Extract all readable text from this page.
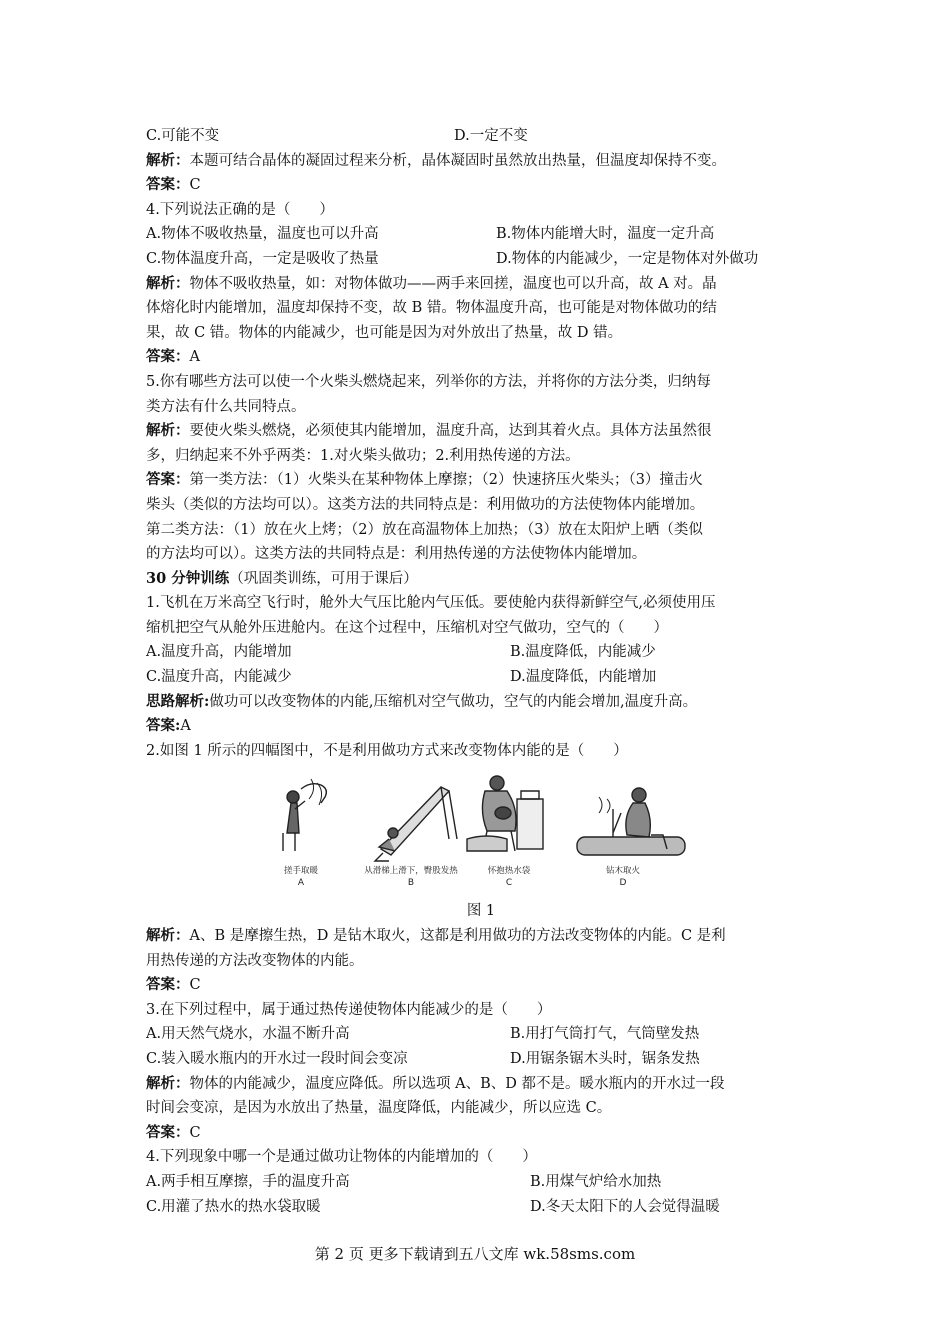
C.可能不变	D.一定不变
解析：本题可结合晶体的凝固过程来分析，晶体凝固时虽然放出热量，但温度却保持不变。
答案：C
4.下列说法正确的是（　　）
A.物体不吸收热量，温度也可以升高	B.物体内能增大时，温度一定升高
C.物体温度升高，一定是吸收了热量	D.物体的内能减少，一定是物体对外做功
解析：物体不吸收热量，如：对物体做功——两手来回搓，温度也可以升高，故 A 对。晶
体熔化时内能增加，温度却保持不变，故 B 错。物体温度升高，也可能是对物体做功的结
果，故 C 错。物体的内能减少，也可能是因为对外放出了热量，故 D 错。
答案：A
5.你有哪些方法可以使一个火柴头燃烧起来，列举你的方法，并将你的方法分类，归纳每
类方法有什么共同特点。
解析：要使火柴头燃烧，必须使其内能增加，温度升高，达到其着火点。具体方法虽然很
多，归纳起来不外乎两类：1.对火柴头做功；2.利用热传递的方法。
答案：第一类方法：（1）火柴头在某种物体上摩擦；（2）快速挤压火柴头；（3）撞击火
柴头（类似的方法均可以）。这类方法的共同特点是：利用做功的方法使物体内能增加。
第二类方法：（1）放在火上烤；（2）放在高温物体上加热；（3）放在太阳炉上晒（类似
的方法均可以）。这类方法的共同特点是：利用热传递的方法使物体内能增加。
30 分钟训练（巩固类训练，可用于课后）
1.飞机在万米高空飞行时，舱外大气压比舱内气压低。要使舱内获得新鲜空气,必须使用压
缩机把空气从舱外压进舱内。在这个过程中，压缩机对空气做功，空气的（　　）
A.温度升高，内能增加	B.温度降低，内能减少
C.温度升高，内能减少	D.温度降低，内能增加
思路解析:做功可以改变物体的内能,压缩机对空气做功，空气的内能会增加,温度升高。
答案:A
2.如图 1 所示的四幅图中，不是利用做功方式来改变物体内能的是（　　）
搓手取暖
A
从滑梯上滑下，臀股发热
B
怀抱热水袋
C
钻木取火
D
图 1
解析：A、B 是摩擦生热，D 是钻木取火，这都是利用做功的方法改变物体的内能。C 是利
用热传递的方法改变物体的内能。
答案：C
3.在下列过程中，属于通过热传递使物体内能减少的是（　　）
A.用天然气烧水，水温不断升高	B.用打气筒打气，气筒壁发热
C.装入暖水瓶内的开水过一段时间会变凉	D.用锯条锯木头时，锯条发热
解析：物体的内能减少，温度应降低。所以选项 A、B、D 都不是。暖水瓶内的开水过一段
时间会变凉，是因为水放出了热量，温度降低，内能减少，所以应选 C。
答案：C
4.下列现象中哪一个是通过做功让物体的内能增加的（　　）
A.两手相互摩擦，手的温度升高	B.用煤气炉给水加热
C.用灌了热水的热水袋取暖	D.冬天太阳下的人会觉得温暖
第 2 页 更多下载请到五八文库 wk.58sms.com
